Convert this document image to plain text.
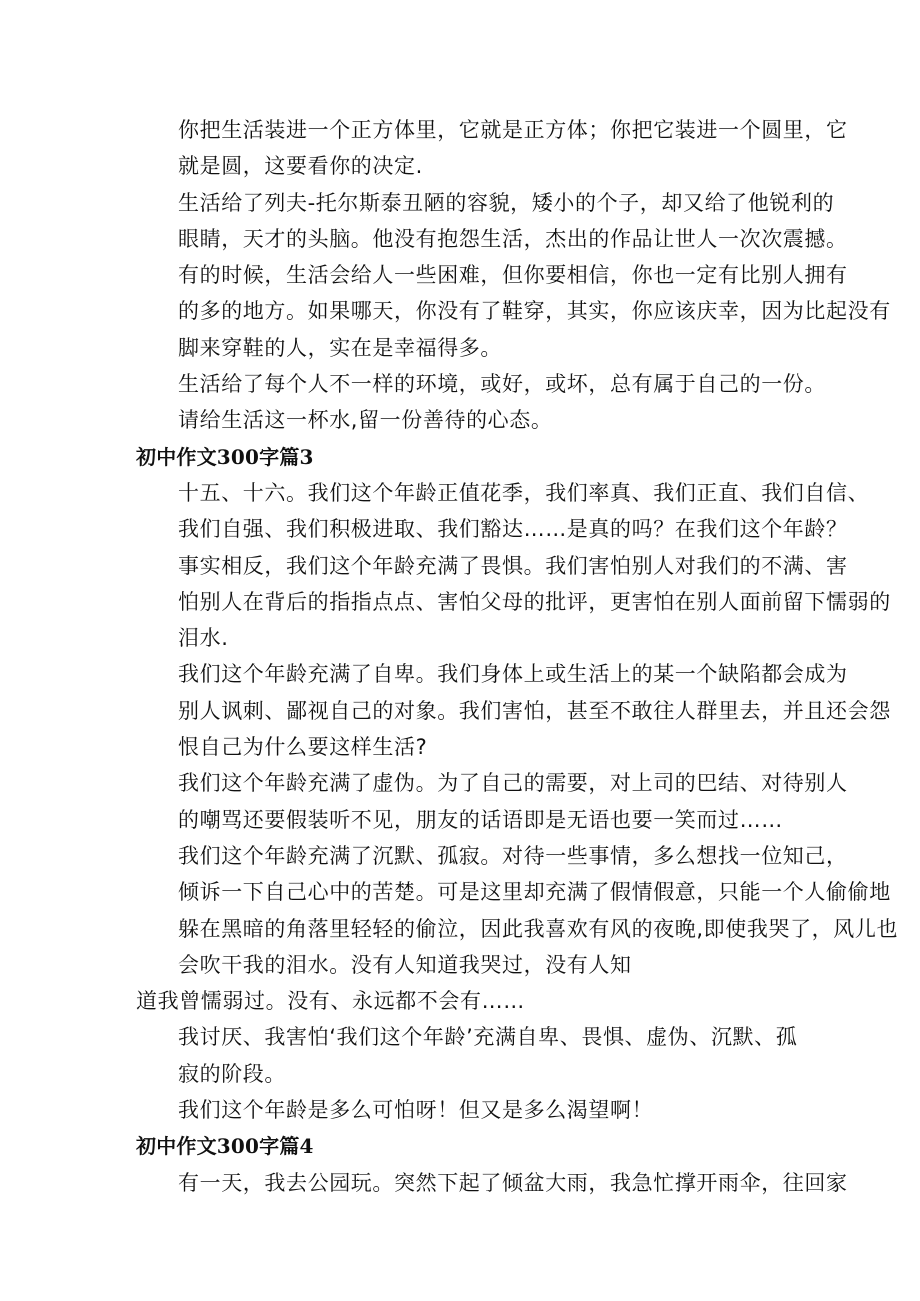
你把生活装进一个正方体里，它就是正方体；你把它装进一个圆里，它
就是圆，这要看你的决定.
生活给了列夫-托尔斯泰丑陋的容貌，矮小的个子，却又给了他锐利的
眼睛，天才的头脑。他没有抱怨生活，杰出的作品让世人一次次震撼。
有的时候，生活会给人一些困难，但你要相信，你也一定有比别人拥有
的多的地方。如果哪天，你没有了鞋穿，其实，你应该庆幸，因为比起没有
脚来穿鞋的人，实在是幸福得多。
生活给了每个人不一样的环境，或好，或坏，总有属于自己的一份。
请给生活这一杯水,留一份善待的心态。
初中作文300字篇3
十五、十六。我们这个年龄正值花季，我们率真、我们正直、我们自信、
我们自强、我们积极进取、我们豁达……是真的吗？在我们这个年龄？
事实相反，我们这个年龄充满了畏惧。我们害怕别人对我们的不满、害
怕别人在背后的指指点点、害怕父母的批评，更害怕在别人面前留下懦弱的
泪水.
我们这个年龄充满了自卑。我们身体上或生活上的某一个缺陷都会成为
别人讽刺、鄙视自己的对象。我们害怕，甚至不敢往人群里去，并且还会怨
恨自己为什么要这样生活?
我们这个年龄充满了虚伪。为了自己的需要，对上司的巴结、对待别人
的嘲骂还要假装听不见，朋友的话语即是无语也要一笑而过……
我们这个年龄充满了沉默、孤寂。对待一些事情，多么想找一位知己，
倾诉一下自己心中的苦楚。可是这里却充满了假情假意，只能一个人偷偷地
躲在黑暗的角落里轻轻的偷泣，因此我喜欢有风的夜晚,即使我哭了，风儿也
会吹干我的泪水。没有人知道我哭过，没有人知
道我曾懦弱过。没有、永远都不会有……
我讨厌、我害怕‘我们这个年龄’充满自卑、畏惧、虚伪、沉默、孤
寂的阶段。
我们这个年龄是多么可怕呀！但又是多么渴望啊！
初中作文300字篇4
有一天，我去公园玩。突然下起了倾盆大雨，我急忙撑开雨伞，往回家
